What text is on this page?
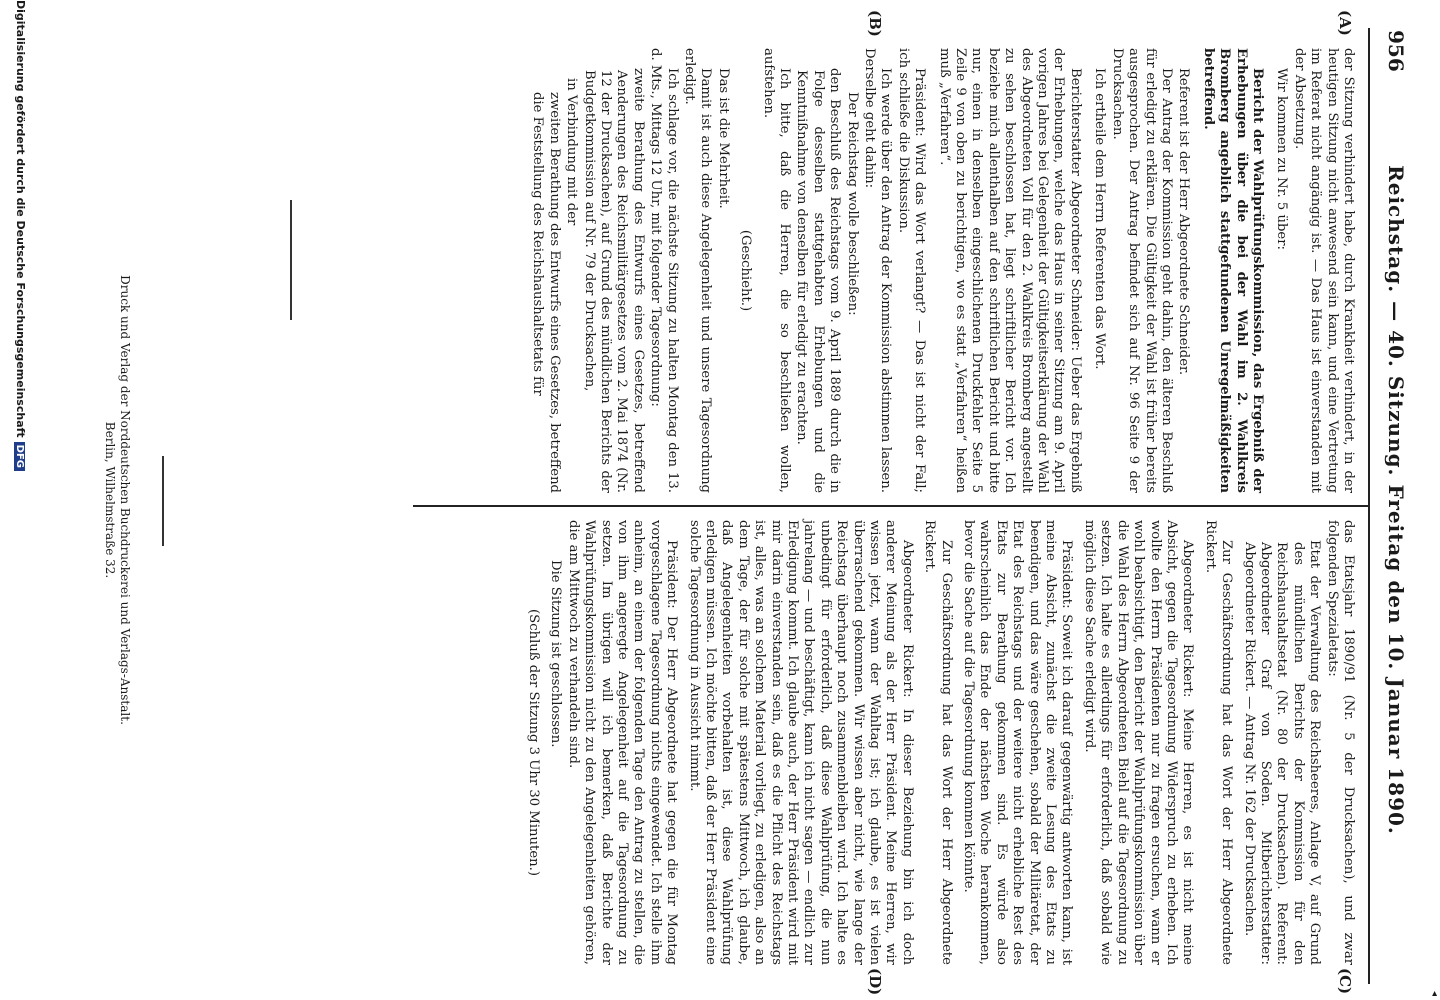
956
Reichstag. — 40. Sitzung. Freitag den 10. Januar 1890.
◂
(A)
(B)
(C)
(D)

der Sitzung verhindert habe, durch Krankheit verhindert, in der heutigen Sitzung nicht anwesend sein kann, und eine Vertretung im Referat nicht angängig ist. — Das Haus ist einverstanden mit der Absetzung.

Wir kommen zu Nr. 5 über:

Bericht der Wahlprüfungskommission, das Ergebniß der Erhebungen über die bei der Wahl im 2. Wahlkreis Bromberg angeblich stattgefundenen Unregelmäßigkeiten betreffend.

Referent ist der Herr Abgeordnete Schneider.

Der Antrag der Kommission geht dahin, den älteren Beschluß für erledigt zu erklären. Die Gültigkeit der Wahl ist früher bereits ausgesprochen. Der Antrag befindet sich auf Nr. 96 Seite 9 der Drucksachen.

Ich ertheile dem Herrn Referenten das Wort.

Berichterstatter Abgeordneter Schneider: Ueber das Ergebniß der Erhebungen, welche das Haus in seiner Sitzung am 9. April vorigen Jahres bei Gelegenheit der Gültigkeitserklärung der Wahl des Abgeordneten Voll für den 2. Wahlkreis Bromberg angestellt zu sehen beschlossen hat, liegt schriftlicher Bericht vor. Ich beziehe mich allenthalben auf den schriftlichen Bericht und bitte nur, einen in denselben eingeschlichenen Druckfehler Seite 5 Zeile 9 von oben zu berichtigen, wo es statt „Verfahren“ heißen muß „Verfahren“.

Präsident: Wird das Wort verlangt? — Das ist nicht der Fall; ich schließe die Diskussion.

Ich werde über den Antrag der Kommission abstimmen lassen. Derselbe geht dahin:

Der Reichstag wolle beschließen:

den Beschluß des Reichstags vom 9. April 1889 durch die in Folge desselben stattgehabten Erhebungen und die Kenntnißnahme von denselben für erledigt zu erachten.

Ich bitte, daß die Herren, die so beschließen wollen, aufstehen.

(Geschieht.)

Das ist die Mehrheit.

Damit ist auch diese Angelegenheit und unsere Tagesordnung erledigt.

Ich schlage vor, die nächste Sitzung zu halten Montag den 13. d. Mts., Mittags 12 Uhr, mit folgender Tagesordnung:

zweite Berathung des Entwurfs eines Gesetzes, betreffend Aenderungen des Reichsmilitärgesetzes vom 2. Mai 1874 (Nr. 12 der Drucksachen), auf Grund des mündlichen Berichts der Budgetkommission auf Nr. 79 der Drucksachen,

in Verbindung mit der

zweiten Berathung des Entwurfs eines Gesetzes, betreffend die Feststellung des Reichshaushaltsetats für

das Etatsjahr 1890/91 (Nr. 5 der Drucksachen), und zwar folgenden Spezialetats:

Etat der Verwaltung des Reichsheeres, Anlage V, auf Grund des mündlichen Berichts der Kommission für den Reichshaushaltsetat (Nr. 80 der Drucksachen). Referent: Abgeordneter Graf von Soden. Mitberichterstatter: Abgeordneter Rickert. — Antrag Nr. 162 der Drucksachen.

Zur Geschäftsordnung hat das Wort der Herr Abgeordnete Rickert.

Abgeordneter Rickert: Meine Herren, es ist nicht meine Absicht, gegen die Tagesordnung Widerspruch zu erheben. Ich wollte den Herrn Präsidenten nur zu fragen ersuchen, wann er wohl beabsichtigt, den Bericht der Wahlprüfungskommission über die Wahl des Herrn Abgeordneten Biehl auf die Tagesordnung zu setzen. Ich halte es allerdings für erforderlich, daß sobald wie möglich diese Sache erledigt wird.

Präsident: Soweit ich darauf gegenwärtig antworten kann, ist meine Absicht, zunächst die zweite Lesung des Etats zu beendigen, und das wäre geschehen, sobald der Militäretat, der Etat des Reichstags und der weitere nicht erhebliche Rest des Etats zur Berathung gekommen sind. Es würde also wahrscheinlich das Ende der nächsten Woche herankommen, bevor die Sache auf die Tagesordnung kommen könnte.

Zur Geschäftsordnung hat das Wort der Herr Abgeordnete Rickert.

Abgeordneter Rickert: In dieser Beziehung bin ich doch anderer Meinung als der Herr Präsident. Meine Herren, wir wissen jetzt, wann der Wahltag ist; ich glaube, es ist vielen überraschend gekommen. Wir wissen aber nicht, wie lange der Reichstag überhaupt noch zusammenbleiben wird. Ich halte es unbedingt für erforderlich, daß diese Wahlprüfung, die nun jahrelang — und beschäftigt, kann ich nicht sagen — endlich zur Erledigung kommt. Ich glaube auch, der Herr Präsident wird mit mir darin einverstanden sein, daß es die Pflicht des Reichstags ist, alles, was an solchem Material vorliegt, zu erledigen, also an dem Tage, der für solche mit spätestens Mittwoch, ich glaube, daß Angelegenheiten vorbehalten ist, diese Wahlprüfung erledigen müssen. Ich möchte bitten, daß der Herr Präsident eine solche Tagesordnung in Aussicht nimmt.

Präsident: Der Herr Abgeordnete hat gegen die für Montag vorgeschlagene Tagesordnung nichts eingewendet. Ich stelle ihm anheim, an einem der folgenden Tage den Antrag zu stellen, die von ihm angeregte Angelegenheit auf die Tagesordnung zu setzen. Im übrigen will ich bemerken, daß Berichte der Wahlprüfungskommission nicht zu den Angelegenheiten gehören, die am Mittwoch zu verhandeln sind.

Die Sitzung ist geschlossen.

(Schluß der Sitzung 3 Uhr 30 Minuten.)

Druck und Verlag der Norddeutschen Buchdruckerei und Verlags-Anstalt.
Berlin, Wilhelmstraße 32.
Digitalisierung gefördert durch die Deutsche ForschungsgemeinschaftDFG
